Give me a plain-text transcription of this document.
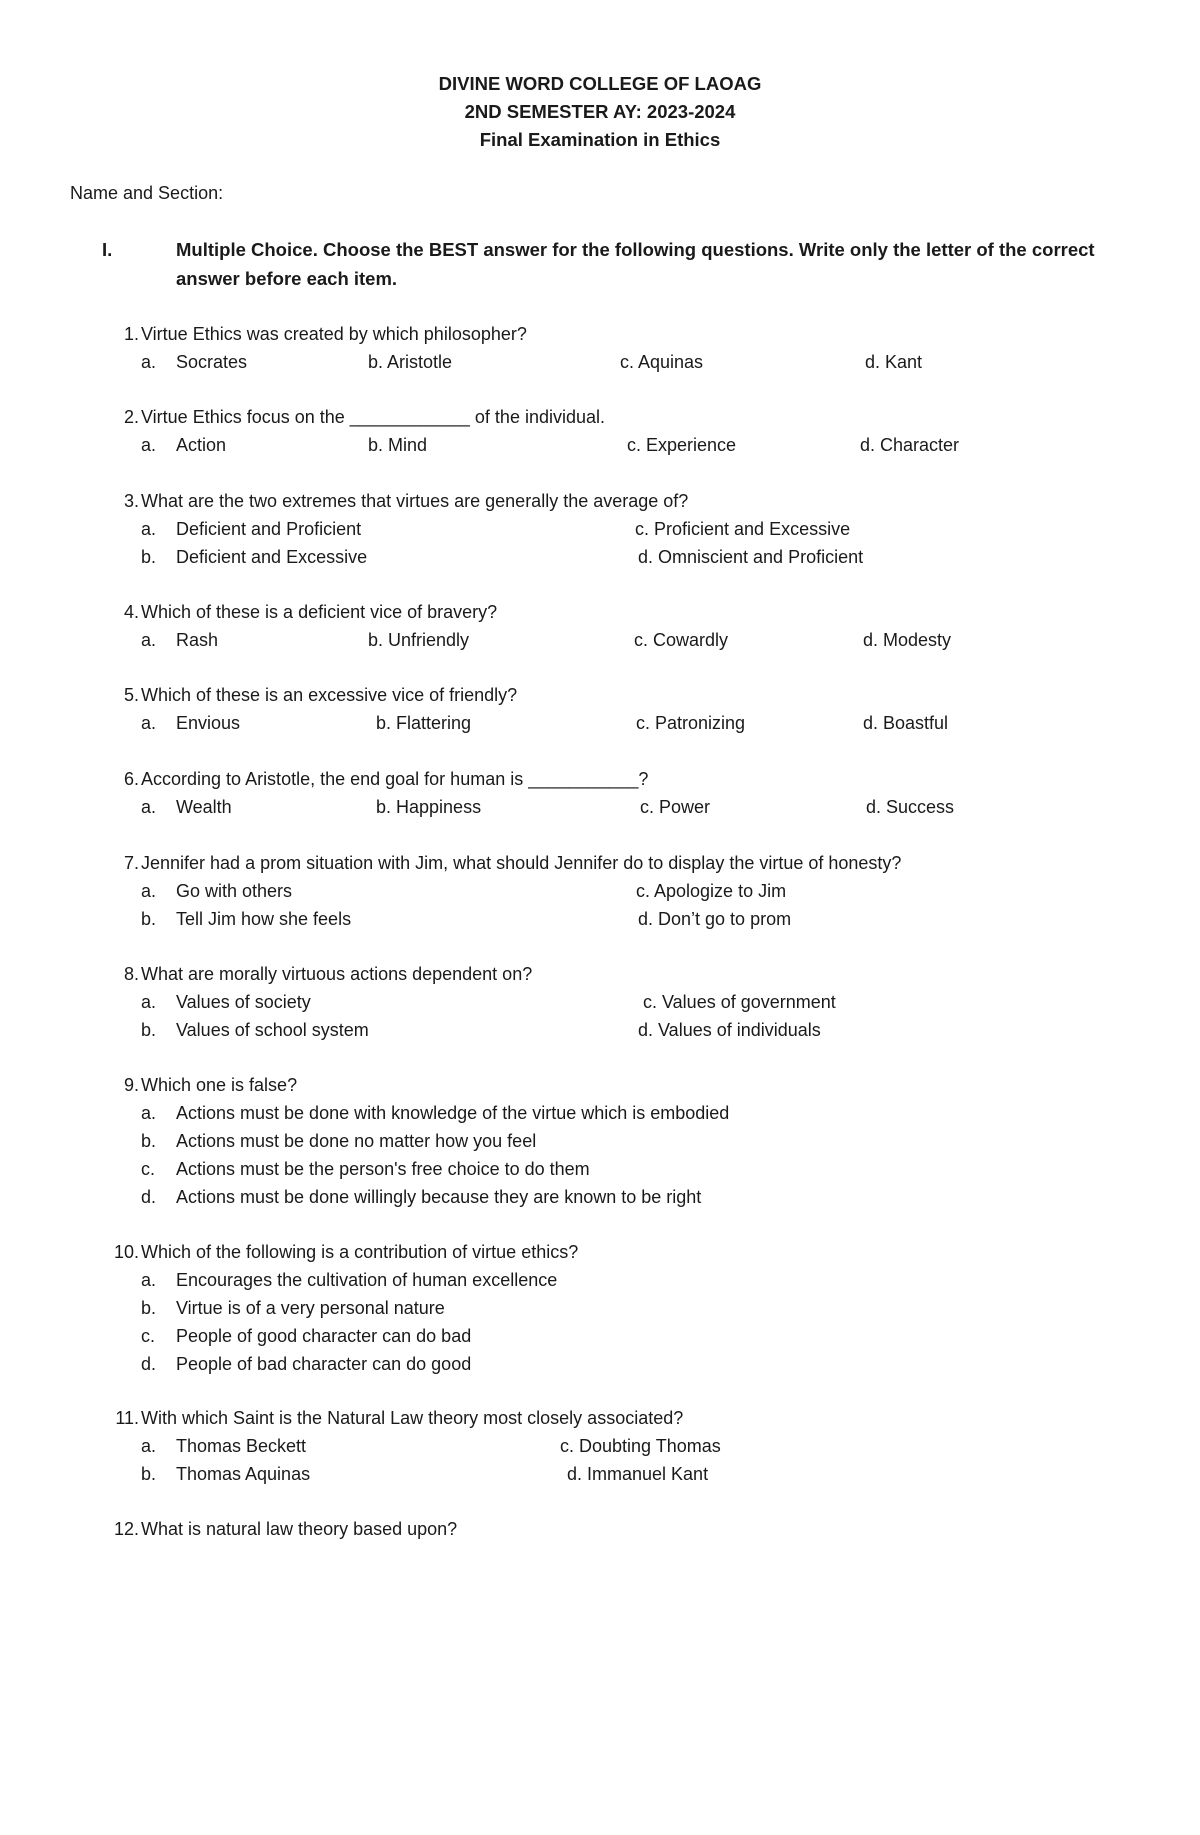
DIVINE WORD COLLEGE OF LAOAG
2ND SEMESTER AY: 2023-2024
Final Examination in Ethics
Name and Section:
I.	Multiple Choice. Choose the BEST answer for the following questions. Write only the letter of the correct answer before each item.
1. Virtue Ethics was created by which philosopher?
a. Socrates	b. Aristotle	c. Aquinas	d. Kant
2. Virtue Ethics focus on the ____________ of the individual.
a. Action	b. Mind	c. Experience	d. Character
3. What are the two extremes that virtues are generally the average of?
a. Deficient and Proficient	c. Proficient and Excessive
b. Deficient and Excessive	d. Omniscient and Proficient
4. Which of these is a deficient vice of bravery?
a. Rash	b. Unfriendly	c. Cowardly	d. Modesty
5. Which of these is an excessive vice of friendly?
a. Envious	b. Flattering	c. Patronizing	d. Boastful
6. According to Aristotle, the end goal for human is ___________?
a. Wealth	b. Happiness	c. Power	d. Success
7. Jennifer had a prom situation with Jim, what should Jennifer do to display the virtue of honesty?
a. Go with others	c. Apologize to Jim
b. Tell Jim how she feels	d. Don’t go to prom
8. What are morally virtuous actions dependent on?
a. Values of society	c. Values of government
b. Values of school system	d. Values of individuals
9. Which one is false?
a. Actions must be done with knowledge of the virtue which is embodied
b. Actions must be done no matter how you feel
c. Actions must be the person's free choice to do them
d. Actions must be done willingly because they are known to be right
10. Which of the following is a contribution of virtue ethics?
a. Encourages the cultivation of human excellence
b. Virtue is of a very personal nature
c. People of good character can do bad
d. People of bad character can do good
11. With which Saint is the Natural Law theory most closely associated?
a. Thomas Beckett	c. Doubting Thomas
b. Thomas Aquinas	d. Immanuel Kant
12. What is natural law theory based upon?
